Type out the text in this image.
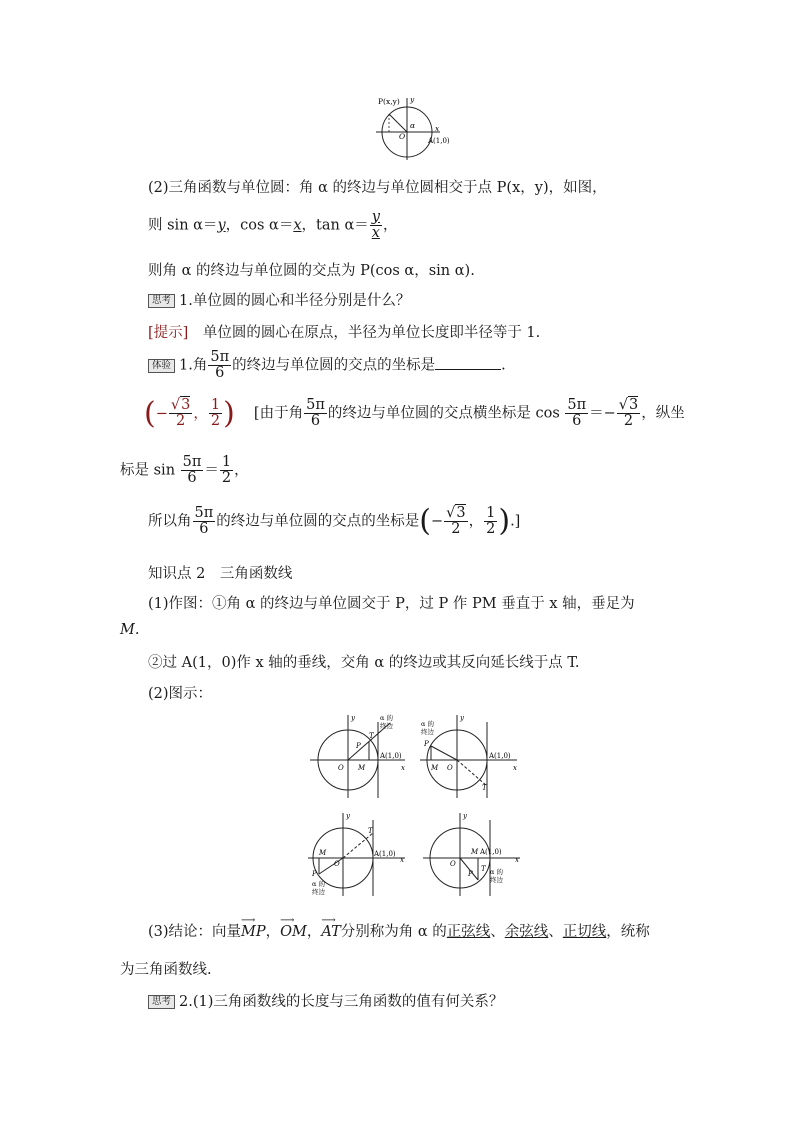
P(x,y) y
x
α
O	A(1,0)
(2)三角函数与单位圆：角 α 的终边与单位圆相交于点 P(x，y)，如图，
则 sin α＝y，cos α＝x，$\tan \alpha= \frac{y}{x}$ ，
则角 α 的终边与单位圆的交点为 P(cos α，sin α).
思考 1.单位圆的圆心和半径分别是什么？
[提示]　 单位圆的圆心在原点，半径为单位长度即半径等于 1.
体验 1.角 $\frac{5\pi}{6}$ 的终边与单位圆的交点的坐标是	.
(− $\frac{√3}{2}$ ， $\frac{1}{2}$ ) 　 [由于角 $\frac{5\pi}{6}$ 的终边与单位圆的交点横坐标是 $\cos \frac{5\pi}{6} =- \frac{√3}{2}$ ，纵坐
标是 $\sin \frac{5\pi}{6} = \frac{1}{2}$ ，
所以角 $\frac{5\pi}{6}$ 的终边与单位圆的交点的坐标是(− $\frac{√3}{2}$ ， $\frac{1}{2}$ ).]
知识点 2　三角函数线
(1)作图：①角 α 的终边与单位圆交于 P，过 P 作 PM 垂直于 x 轴，垂足为
M.
②过 A(1，0)作 x 轴的垂线，交角 α 的终边或其反向延长线于点 T.
(2)图示：
y
x
O M
P
T
A(1,0)
α 的
终边
y
x
O
M
P
T
A(1,0)
α 的
终边
y
x
O
M
P
T
A(1,0)
α 的
终边
y
x
O
M
P
T
A(1,0)
α 的
终边
(3)结论：向量MP
⟶
，OM
⟶
，AT
⟶
分别称为角 α 的正弦线、余弦线、正切线，统称
为三角函数线.
思考 2.(1)三角函数线的长度与三角函数的值有何关系？
